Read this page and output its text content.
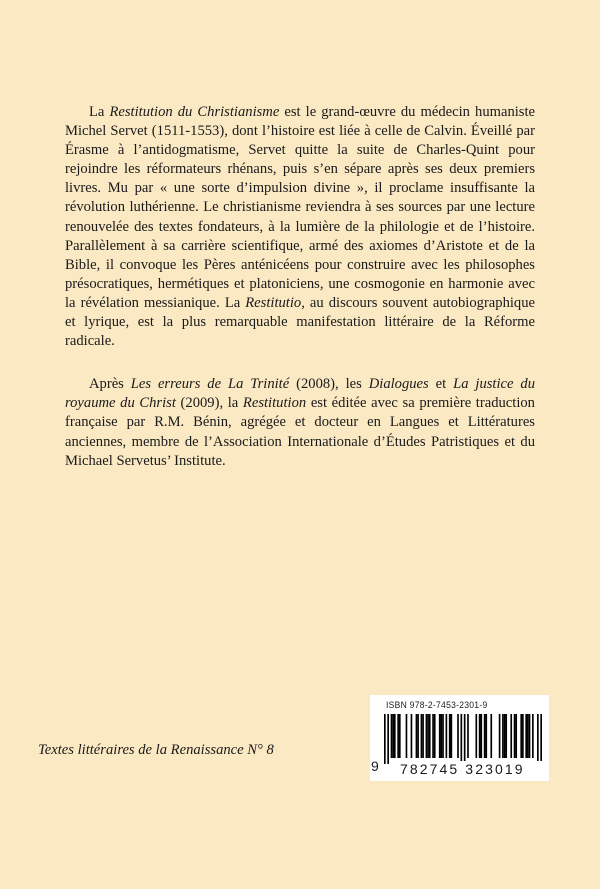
La Restitution du Christianisme est le grand-œuvre du médecin humaniste Michel Servet (1511-1553), dont l’histoire est liée à celle de Calvin. Éveillé par Érasme à l’antidogmatisme, Servet quitte la suite de Charles-Quint pour rejoindre les réformateurs rhénans, puis s’en sépare après ses deux premiers livres. Mu par « une sorte d’impulsion divine », il proclame insuffisante la révolution luthérienne. Le christianisme reviendra à ses sources par une lecture renouvelée des textes fondateurs, à la lumière de la philologie et de l’histoire. Parallèlement à sa carrière scientifique, armé des axiomes d’Aristote et de la Bible, il convoque les Pères anténicéens pour construire avec les philosophes présocratiques, hermétiques et platoniciens, une cosmogonie en harmonie avec la révélation messianique. La Restitutio, au discours souvent autobiographique et lyrique, est la plus remarquable manifestation littéraire de la Réforme radicale.

Après Les erreurs de La Trinité (2008), les Dialogues et La justice du royaume du Christ (2009), la Restitution est éditée avec sa première traduction française par R.M. Bénin, agrégée et docteur en Langues et Littératures anciennes, membre de l’Association Internationale d’Études Patristiques et du Michael Servetus’ Institute.

Textes littéraires de la Renaissance N° 8
ISBN 978-2-7453-2301-9
9	782745 323019
